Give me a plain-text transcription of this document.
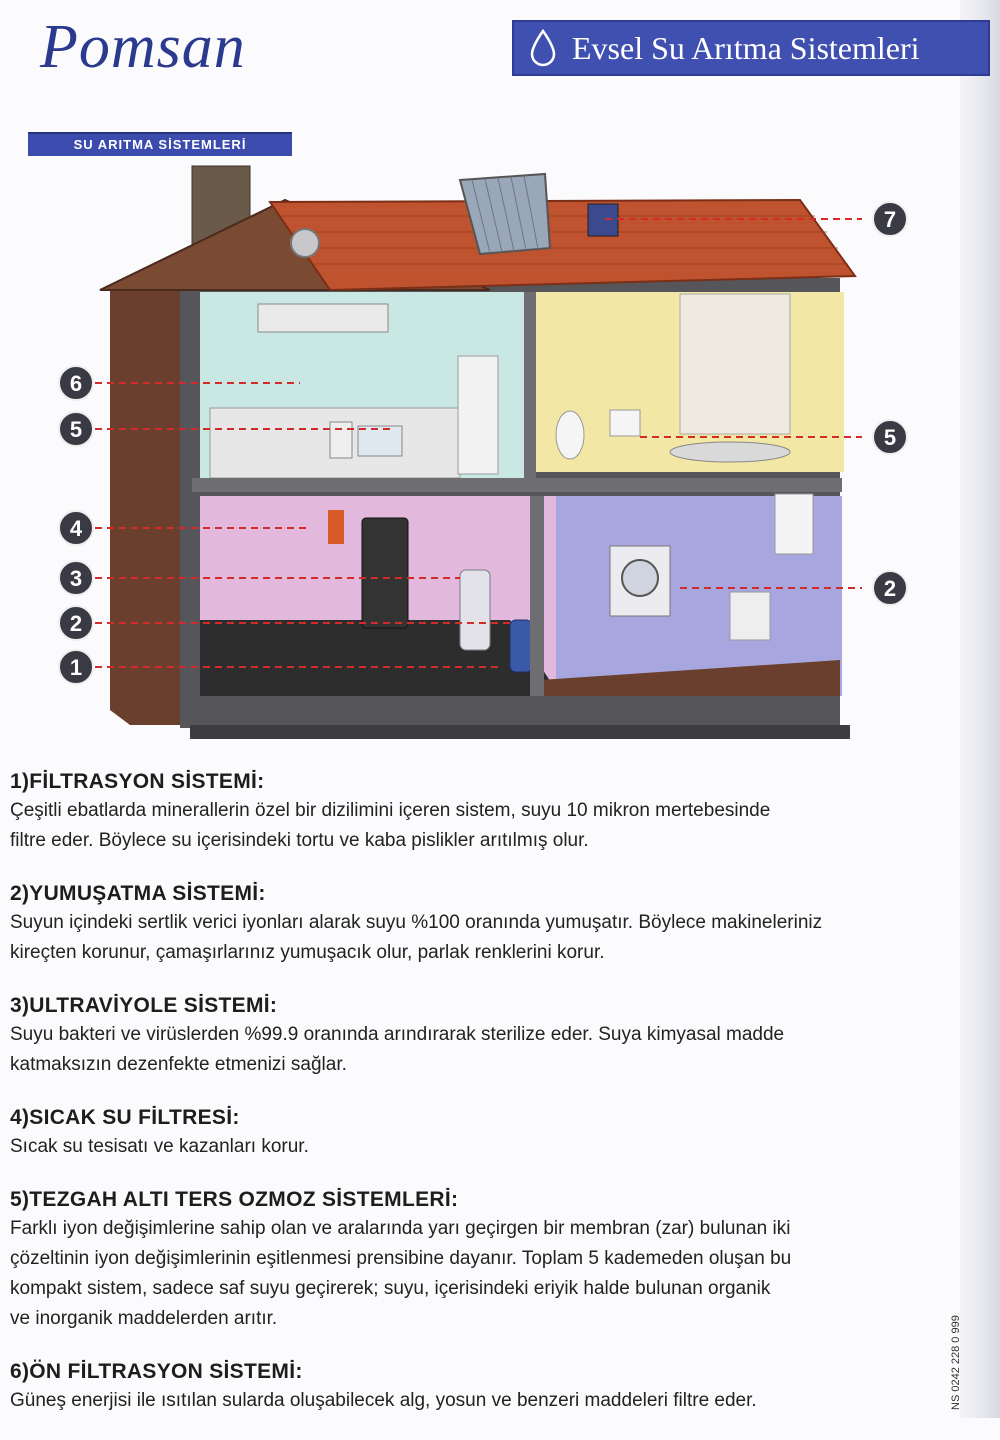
Pomsan
SU ARITMA SİSTEMLERİ
Evsel Su Arıtma Sistemleri
6
5
4
3
2
1
7
5
2
1)FİLTRASYON SİSTEMİ:

Çeşitli ebatlarda minerallerin özel bir dizilimini içeren sistem, suyu 10 mikron mertebesinde

filtre eder. Böylece su içerisindeki tortu ve kaba pislikler arıtılmış olur.

2)YUMUŞATMA SİSTEMİ:

Suyun içindeki sertlik verici iyonları alarak suyu %100 oranında yumuşatır. Böylece makineleriniz

kireçten korunur, çamaşırlarınız yumuşacık olur, parlak renklerini korur.

3)ULTRAVİYOLE SİSTEMİ:

Suyu bakteri ve virüslerden %99.9 oranında arındırarak sterilize eder. Suya kimyasal madde

katmaksızın dezenfekte etmenizi sağlar.

4)SICAK SU FİLTRESİ:

Sıcak su tesisatı ve kazanları korur.

5)TEZGAH ALTI TERS OZMOZ SİSTEMLERİ:

Farklı iyon değişimlerine sahip olan ve aralarında yarı geçirgen bir membran (zar) bulunan iki

çözeltinin iyon değişimlerinin eşitlenmesi prensibine dayanır. Toplam 5 kademeden oluşan bu

kompakt sistem, sadece saf suyu geçirerek; suyu, içerisindeki eriyik halde bulunan organik

ve inorganik maddelerden arıtır.

6)ÖN FİLTRASYON SİSTEMİ:

Güneş enerjisi ile ısıtılan sularda oluşabilecek alg, yosun ve benzeri maddeleri filtre eder.	NS 0242 228 0 999
